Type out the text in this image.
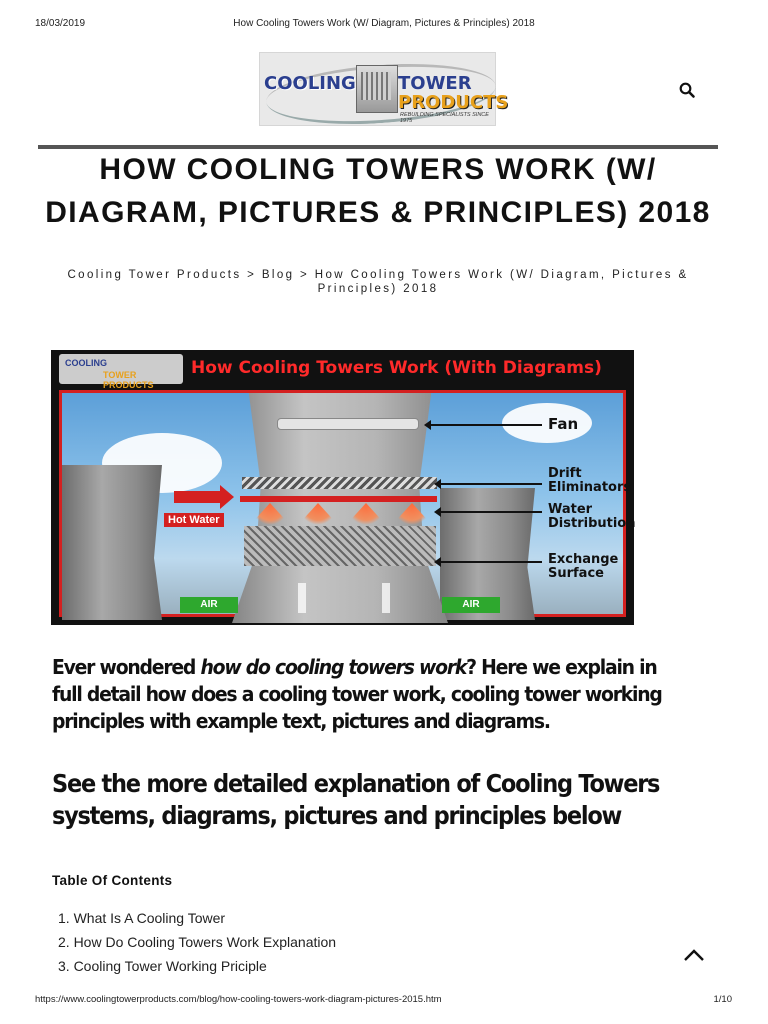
18/03/2019	How Cooling Towers Work (W/ Diagram, Pictures & Principles) 2018
COOLING TOWER
PRODUCTS
REBUILDING SPECIALISTS SINCE 1975
HOW COOLING TOWERS WORK (W/ DIAGRAM, PICTURES & PRINCIPLES) 2018
Cooling Tower Products > Blog > How Cooling Towers Work (W/ Diagram, Pictures & Principles) 2018
COOLING
TOWER PRODUCTS
How Cooling Towers Work (With Diagrams)
Hot Water
Fan
Drift Eliminators
Water Distribution
Exchange Surface
AIR	AIR

Ever wondered how do cooling towers work? Here we explain in full detail how does a cooling tower work, cooling tower working principles with example text, pictures and diagrams.

See the more detailed explanation of Cooling Towers systems, diagrams, pictures and principles below
Table Of Contents
1. What Is A Cooling Tower
2. How Do Cooling Towers Work Explanation
3. Cooling Tower Working Priciple
https://www.coolingtowerproducts.com/blog/how-cooling-towers-work-diagram-pictures-2015.htm	1/10
